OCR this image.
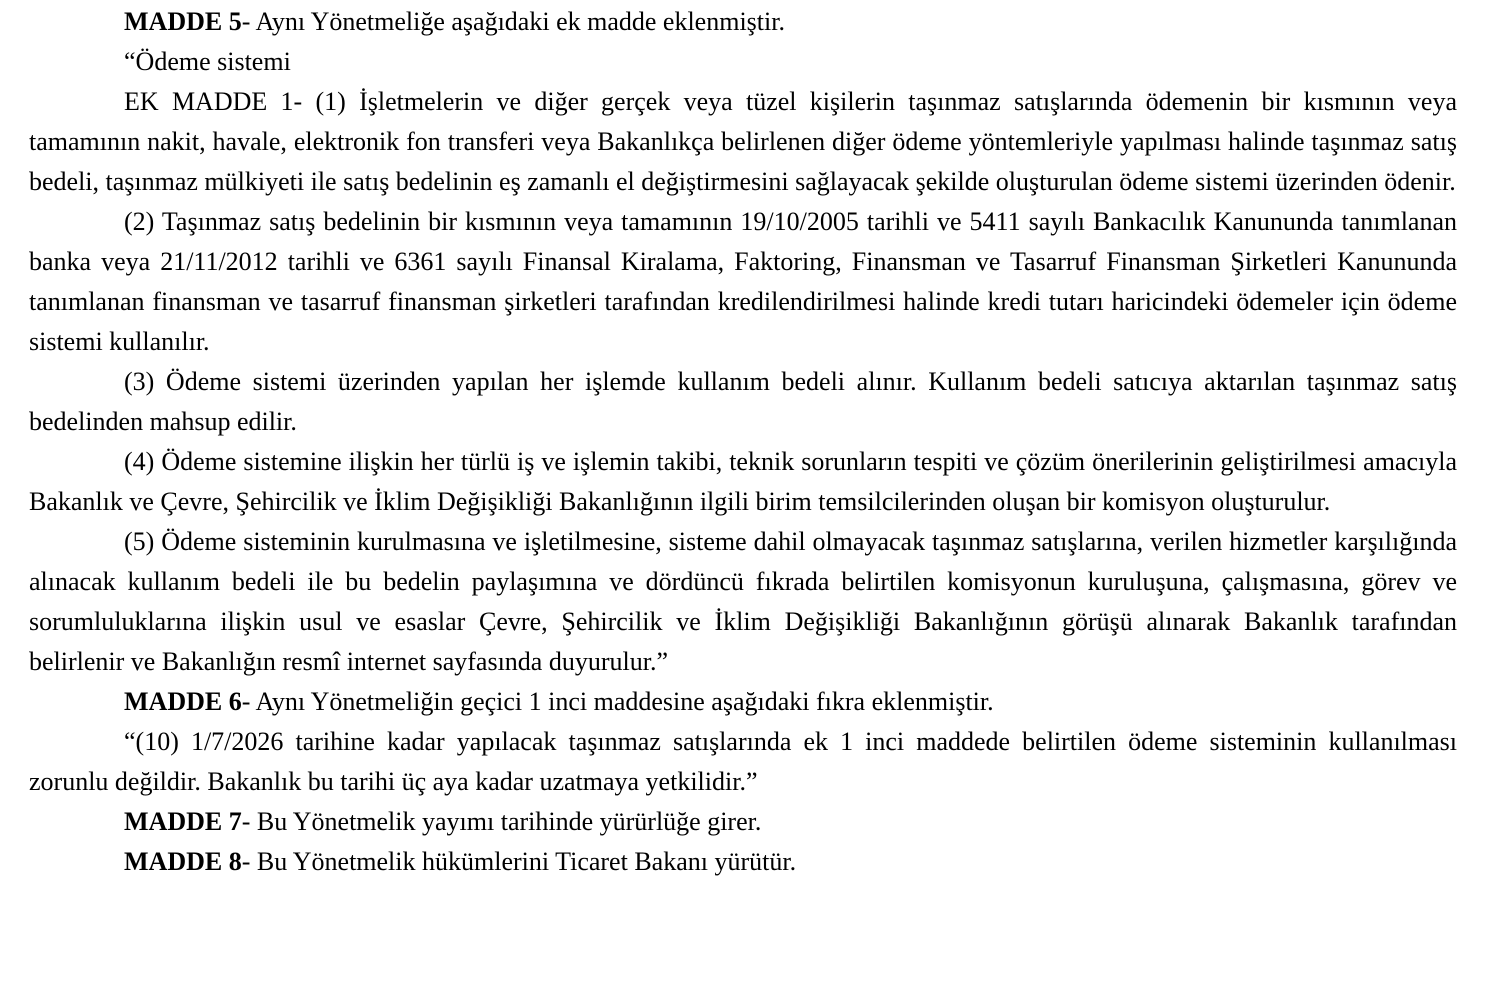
MADDE 5- Aynı Yönetmeliğe aşağıdaki ek madde eklenmiştir.

“Ödeme sistemi

EK MADDE 1- (1) İşletmelerin ve diğer gerçek veya tüzel kişilerin taşınmaz satışlarında ödemenin bir kısmının veya tamamının nakit, havale, elektronik fon transferi veya Bakanlıkça belirlenen diğer ödeme yöntemleriyle yapılması halinde taşınmaz satış bedeli, taşınmaz mülkiyeti ile satış bedelinin eş zamanlı el değiştirmesini sağlayacak şekilde oluşturulan ödeme sistemi üzerinden ödenir.

(2) Taşınmaz satış bedelinin bir kısmının veya tamamının 19/10/2005 tarihli ve 5411 sayılı Bankacılık Kanununda tanımlanan banka veya 21/11/2012 tarihli ve 6361 sayılı Finansal Kiralama, Faktoring, Finansman ve Tasarruf Finansman Şirketleri Kanununda tanımlanan finansman ve tasarruf finansman şirketleri tarafından kredilendirilmesi halinde kredi tutarı haricindeki ödemeler için ödeme sistemi kullanılır.

(3) Ödeme sistemi üzerinden yapılan her işlemde kullanım bedeli alınır. Kullanım bedeli satıcıya aktarılan taşınmaz satış bedelinden mahsup edilir.

(4) Ödeme sistemine ilişkin her türlü iş ve işlemin takibi, teknik sorunların tespiti ve çözüm önerilerinin geliştirilmesi amacıyla Bakanlık ve Çevre, Şehircilik ve İklim Değişikliği Bakanlığının ilgili birim temsilcilerinden oluşan bir komisyon oluşturulur.

(5) Ödeme sisteminin kurulmasına ve işletilmesine, sisteme dahil olmayacak taşınmaz satışlarına, verilen hizmetler karşılığında alınacak kullanım bedeli ile bu bedelin paylaşımına ve dördüncü fıkrada belirtilen komisyonun kuruluşuna, çalışmasına, görev ve sorumluluklarına ilişkin usul ve esaslar Çevre, Şehircilik ve İklim Değişikliği Bakanlığının görüşü alınarak Bakanlık tarafından belirlenir ve Bakanlığın resmî internet sayfasında duyurulur.”

MADDE 6- Aynı Yönetmeliğin geçici 1 inci maddesine aşağıdaki fıkra eklenmiştir.

“(10) 1/7/2026 tarihine kadar yapılacak taşınmaz satışlarında ek 1 inci maddede belirtilen ödeme sisteminin kullanılması zorunlu değildir. Bakanlık bu tarihi üç aya kadar uzatmaya yetkilidir.”

MADDE 7- Bu Yönetmelik yayımı tarihinde yürürlüğe girer.

MADDE 8- Bu Yönetmelik hükümlerini Ticaret Bakanı yürütür.
